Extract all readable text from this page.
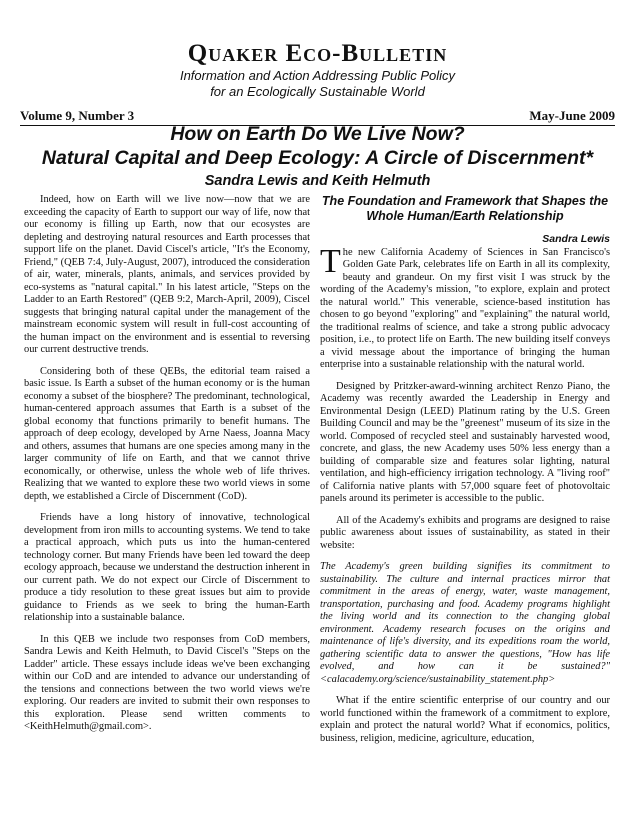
Quaker Eco-Bulletin
Information and Action Addressing Public Policy
for an Ecologically Sustainable World
Volume 9, Number 3	May-June 2009
How on Earth Do We Live Now?
Natural Capital and Deep Ecology: A Circle of Discernment*
Sandra Lewis and Keith Helmuth

Indeed, how on Earth will we live now—now that we are exceeding the capacity of Earth to support our way of life, now that our economy is filling up Earth, now that our ecosystes are depleting and destroying natural resources and Earth processes that support life on the planet. David Ciscel's article, "It's the Economy, Friend," (QEB 7:4, July-August, 2007), introduced the consideration of air, water, minerals, plants, animals, and services provided by eco-systems as "natural capital." In his latest article, "Steps on the Ladder to an Earth Restored" (QEB 9:2, March-April, 2009), Ciscel suggests that bringing natural capital under the management of the mainstream economic system will result in full-cost accounting of the human impact on the environment and is essential to reversing our current destructive trends.

Considering both of these QEBs, the editorial team raised a basic issue. Is Earth a subset of the human economy or is the human economy a subset of the biosphere? The predominant, technological, human-centered approach assumes that Earth is a subset of the global economy that functions primarily to benefit humans. The approach of deep ecology, developed by Arne Naess, Joanna Macy and others, assumes that humans are one species among many in the larger community of life on Earth, and that we cannot thrive economically, or otherwise, unless the whole web of life thrives. Realizing that we wanted to explore these two world views in some depth, we established a Circle of Discernment (CoD).

Friends have a long history of innovative, technological development from iron mills to accounting systems. We tend to take a practical approach, which puts us into the human-centered technology corner. But many Friends have been led toward the deep ecology approach, because we understand the destruction inherent in our current path. We do not expect our Circle of Discernment to produce a tidy resolution to these great issues but aim to provide guidance to Friends as we seek to bring the human-Earth relationship into a sustainable balance.

In this QEB we include two responses from CoD members, Sandra Lewis and Keith Helmuth, to David Ciscel's "Steps on the Ladder" article. These essays include ideas we've been exchanging within our CoD and are intended to advance our understanding of the tensions and connections between the two world views we're exploring. Our readers are invited to submit their own responses to this exploration. Please send written comments to <KeithHelmuth@gmail.com>.

The Foundation and Framework that Shapes the Whole Human/Earth Relationship

Sandra Lewis

The new California Academy of Sciences in San Francisco's Golden Gate Park, celebrates life on Earth in all its complexity, beauty and grandeur. On my first visit I was struck by the wording of the Academy's mission, "to explore, explain and protect the natural world." This venerable, science-based institution has chosen to go beyond "exploring" and "explaining" the natural world, the traditional realms of science, and take a strong public advocacy position, i.e., to protect life on Earth. The new building itself conveys a vivid message about the importance of bringing the human enterprise into a sustainable relationship with the natural world.

Designed by Pritzker-award-winning architect Renzo Piano, the Academy was recently awarded the Leadership in Energy and Environmental Design (LEED) Platinum rating by the U.S. Green Building Council and may be the "greenest" museum of its size in the world. Composed of recycled steel and sustainably harvested wood, concrete, and glass, the new Academy uses 50% less energy than a building of comparable size and features solar lighting, natural ventilation, and high-efficiency irrigation technology. A "living roof" of California native plants with 57,000 square feet of photovoltaic panels around its perimeter is accessible to the public.

All of the Academy's exhibits and programs are designed to raise public awareness about issues of sustainability, as stated in their website:

The Academy's green building signifies its commitment to sustainability. The culture and internal practices mirror that commitment in the areas of energy, water, waste management, transportation, purchasing and food. Academy programs highlight the living world and its connection to the changing global environment. Academy research focuses on the origins and maintenance of life's diversity, and its expeditions roam the world, gathering scientific data to answer the questions, "How has life evolved, and how can it be sustained?" <calacademy.org/science/sustainability_statement.php>

What if the entire scientific enterprise of our country and our world functioned within the framework of a commitment to explore, explain and protect the natural world? What if economics, politics, business, religion, medicine, agriculture, education,
